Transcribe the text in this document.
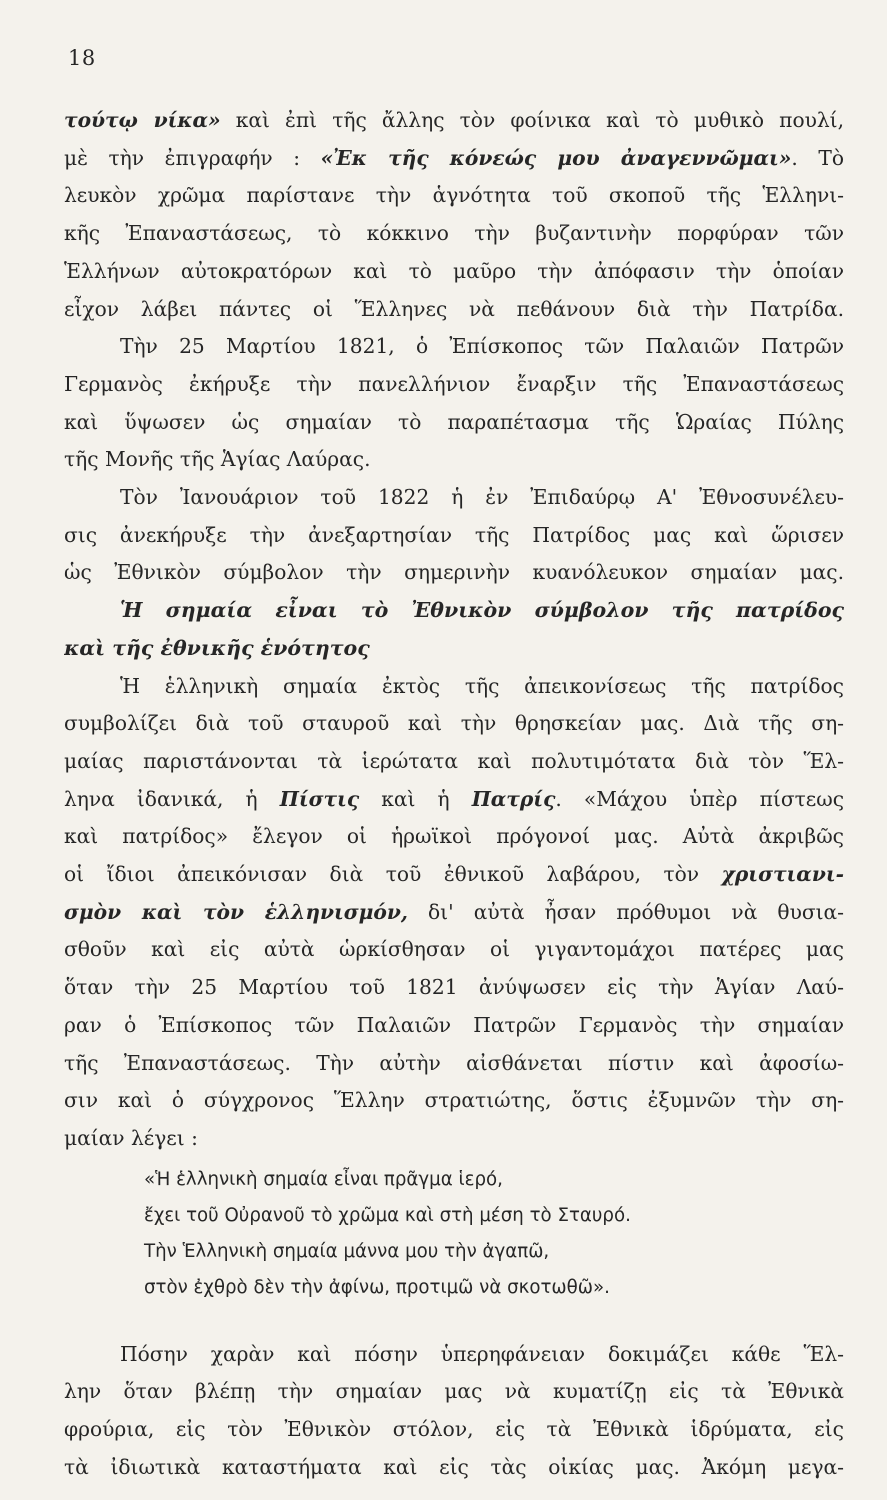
18
τούτῳ νίκα» καὶ ἐπὶ τῆς ἄλλης τὸν φοίνικα καὶ τὸ μυθικὸ πουλί,
μὲ τὴν ἐπιγραφήν : «Ἐκ τῆς κόνεώς μου ἀναγεννῶμαι». Τὸ
λευκὸν χρῶμα παρίστανε τὴν ἁγνότητα τοῦ σκοποῦ τῆς Ἑλληνι-
κῆς Ἐπαναστάσεως, τὸ κόκκινο τὴν βυζαντινὴν πορφύραν τῶν
Ἑλλήνων αὐτοκρατόρων καὶ τὸ μαῦρο τὴν ἀπόφασιν τὴν ὁποίαν
εἶχον λάβει πάντες οἱ Ἕλληνες νὰ πεθάνουν διὰ τὴν Πατρίδα.
Τὴν 25 Μαρτίου 1821, ὁ Ἐπίσκοπος τῶν Παλαιῶν Πατρῶν
Γερμανὸς ἐκήρυξε τὴν πανελλήνιον ἔναρξιν τῆς Ἐπαναστάσεως
καὶ ὕψωσεν ὡς σημαίαν τὸ παραπέτασμα τῆς Ὡραίας Πύλης
τῆς Μονῆς τῆς Ἁγίας Λαύρας.
Τὸν Ἰανουάριον τοῦ 1822 ἡ ἐν Ἐπιδαύρῳ Α' Ἐθνοσυνέλευ-
σις ἀνεκήρυξε τὴν ἀνεξαρτησίαν τῆς Πατρίδος μας καὶ ὥρισεν
ὡς Ἐθνικὸν σύμβολον τὴν σημερινὴν κυανόλευκον σημαίαν μας.
Ἡ σημαία εἶναι τὸ Ἐθνικὸν σύμβολον τῆς πατρίδος
καὶ τῆς ἐθνικῆς ἑνότητος
Ἡ ἑλληνικὴ σημαία ἐκτὸς τῆς ἀπεικονίσεως τῆς πατρίδος
συμβολίζει διὰ τοῦ σταυροῦ καὶ τὴν θρησκείαν μας. Διὰ τῆς ση-
μαίας παριστάνονται τὰ ἱερώτατα καὶ πολυτιμότατα διὰ τὸν Ἕλ-
ληνα ἰδανικά, ἡ Πίστις καὶ ἡ Πατρίς. «Μάχου ὑπὲρ πίστεως
καὶ πατρίδος» ἔλεγον οἱ ἡρωϊκοὶ πρόγονοί μας. Αὐτὰ ἀκριβῶς
οἱ ἴδιοι ἀπεικόνισαν διὰ τοῦ ἐθνικοῦ λαβάρου, τὸν χριστιανι-
σμὸν καὶ τὸν ἑλληνισμόν, δι' αὐτὰ ἦσαν πρόθυμοι νὰ θυσια-
σθοῦν καὶ εἰς αὐτὰ ὡρκίσθησαν οἱ γιγαντομάχοι πατέρες μας
ὅταν τὴν 25 Μαρτίου τοῦ 1821 ἀνύψωσεν εἰς τὴν Ἁγίαν Λαύ-
ραν ὁ Ἐπίσκοπος τῶν Παλαιῶν Πατρῶν Γερμανὸς τὴν σημαίαν
τῆς Ἐπαναστάσεως. Τὴν αὐτὴν αἰσθάνεται πίστιν καὶ ἀφοσίω-
σιν καὶ ὁ σύγχρονος Ἕλλην στρατιώτης, ὅστις ἐξυμνῶν τὴν ση-
μαίαν λέγει :
«Ἡ ἑλληνικὴ σημαία εἶναι πρᾶγμα ἱερό,
ἔχει τοῦ Οὐρανοῦ τὸ χρῶμα καὶ στὴ μέση τὸ Σταυρό.
Τὴν Ἑλληνικὴ σημαία μάννα μου τὴν ἀγαπῶ,
στὸν ἐχθρὸ δὲν τὴν ἀφίνω, προτιμῶ νὰ σκοτωθῶ».
Πόσην χαρὰν καὶ πόσην ὑπερηφάνειαν δοκιμάζει κάθε Ἕλ-
λην ὅταν βλέπῃ τὴν σημαίαν μας νὰ κυματίζῃ εἰς τὰ Ἐθνικὰ
φρούρια, εἰς τὸν Ἐθνικὸν στόλον, εἰς τὰ Ἐθνικὰ ἱδρύματα, εἰς
τὰ ἰδιωτικὰ καταστήματα καὶ εἰς τὰς οἰκίας μας. Ἀκόμη μεγα-
